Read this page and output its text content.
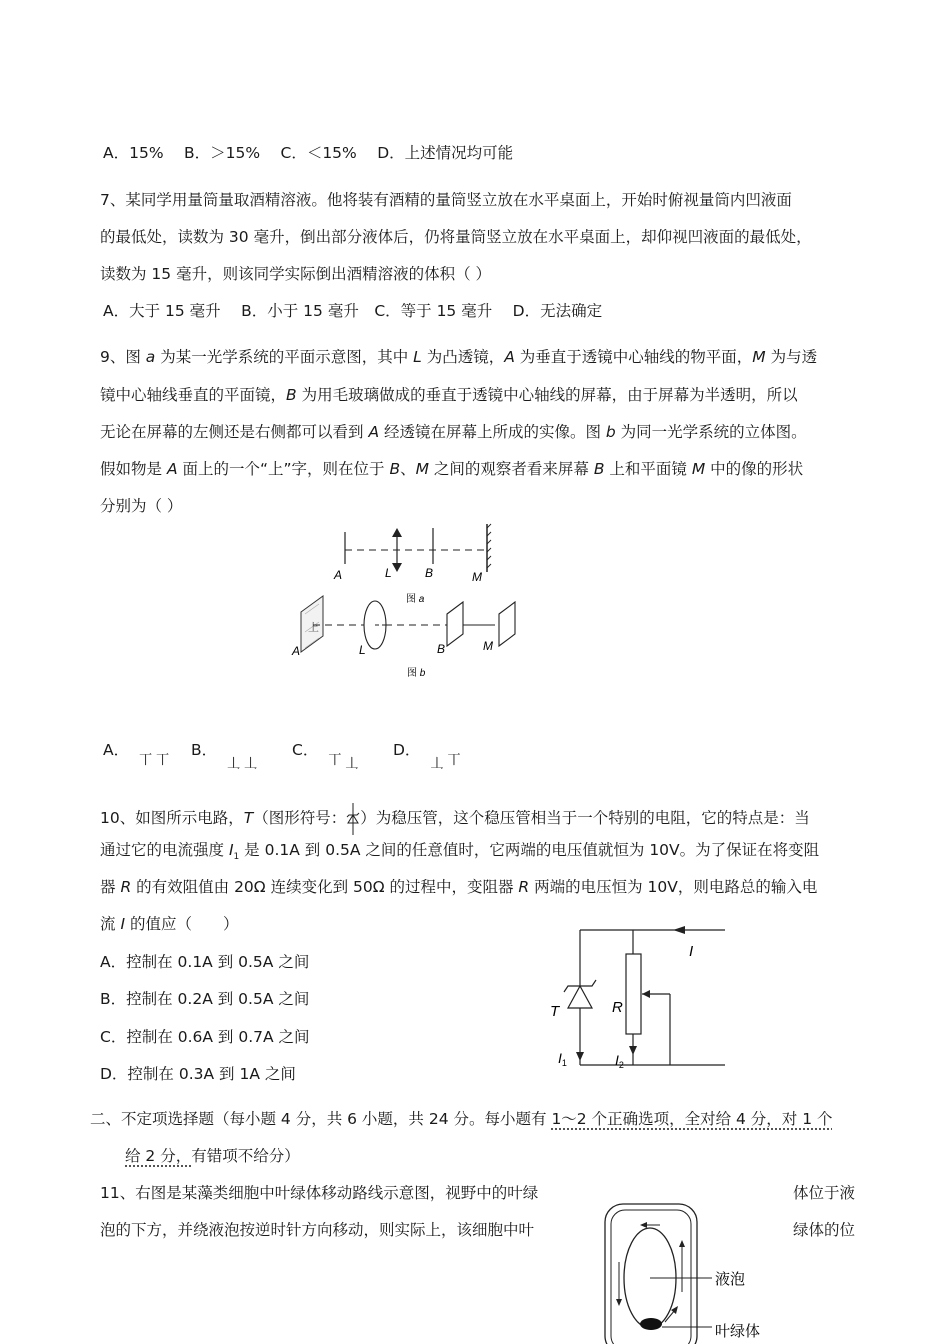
A．15%　 B．＞15%　 C．＜15%　 D．上述情况均可能
7、某同学用量筒量取酒精溶液。他将装有酒精的量筒竖立放在水平桌面上，开始时俯视量筒内凹液面
的最低处，读数为 30 毫升，倒出部分液体后，仍将量筒竖立放在水平桌面上，却仰视凹液面的最低处，
读数为 15 毫升，则该同学实际倒出酒精溶液的体积（ ）
A．大于 15 毫升　 B．小于 15 毫升　C．等于 15 毫升　 D．无法确定
9、图 a 为某一光学系统的平面示意图，其中 L 为凸透镜，A 为垂直于透镜中心轴线的物平面，M 为与透
镜中心轴线垂直的平面镜，B 为用毛玻璃做成的垂直于透镜中心轴线的屏幕，由于屏幕为半透明，所以
无论在屏幕的左侧还是右侧都可以看到 A 经透镜在屏幕上所成的实像。图 b 为同一光学系统的立体图。
假如物是 A 面上的一个“上”字，则在位于 B、M 之间的观察者看来屏幕 B 上和平面镜 M 中的像的形状
分别为（ ）
A	L	B	M
图 a
上
A	L	B	M
图 b
A．$_丅$ $_丅$
B．丅 丅
C．$_丅$ 丅
D．丅 $_丅$
10、如图所示电路，T（图形符号： ）为稳压管，这个稳压管相当于一个特别的电阻，它的特点是：当
通过它的电流强度 $I_1$ 是 0.1A 到 0.5A 之间的任意值时，它两端的电压值就恒为 10V。为了保证在将变阻
器 R 的有效阻值由 20Ω 连续变化到 50Ω 的过程中，变阻器 R 两端的电压恒为 10V，则电路总的输入电
流 I 的值应（　　）
A．控制在 0.1A 到 0.5A 之间
B．控制在 0.2A 到 0.5A 之间
C．控制在 0.6A 到 0.7A 之间
D．控制在 0.3A 到 1A 之间
I
T	R
$I_1$	$I_2$
二、不定项选择题（每小题 4 分，共 6 小题，共 24 分。每小题有 1～2 个正确选项，全对给 4 分，对 1 个
给 2 分，有错项不给分）
11、右图是某藻类细胞中叶绿体移动路线示意图，视野中的叶绿	体位于液
泡的下方，并绕液泡按逆时针方向移动，则实际上，该细胞中叶	绿体的位
液泡
叶绿体
